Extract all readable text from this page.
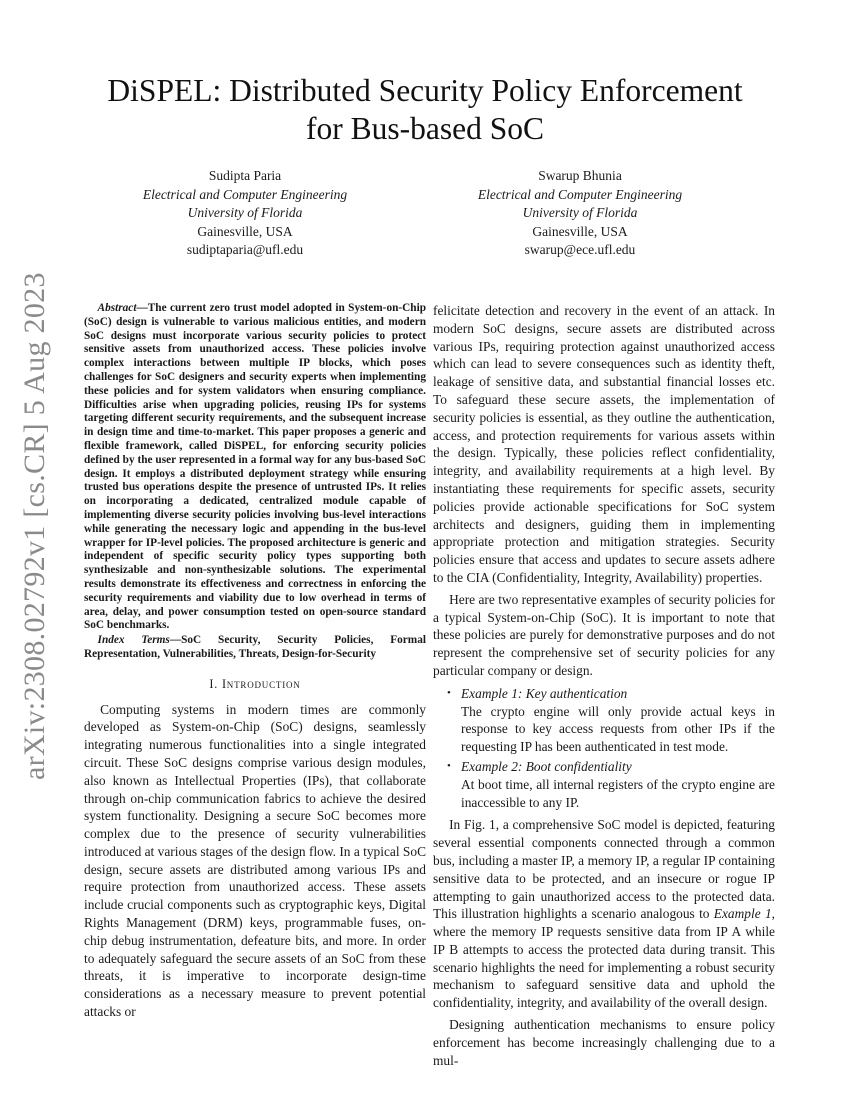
arXiv:2308.02792v1 [cs.CR] 5 Aug 2023
DiSPEL: Distributed Security Policy Enforcement
for Bus-based SoC
Sudipta Paria
Electrical and Computer Engineering
University of Florida
Gainesville, USA
sudiptaparia@ufl.edu
Swarup Bhunia
Electrical and Computer Engineering
University of Florida
Gainesville, USA
swarup@ece.ufl.edu

Abstract—The current zero trust model adopted in System-on-Chip (SoC) design is vulnerable to various malicious entities, and modern SoC designs must incorporate various security policies to protect sensitive assets from unauthorized access. These policies involve complex interactions between multiple IP blocks, which poses challenges for SoC designers and security experts when implementing these policies and for system validators when ensuring compliance. Difficulties arise when upgrading policies, reusing IPs for systems targeting different security requirements, and the subsequent increase in design time and time-to-market. This paper proposes a generic and flexible framework, called DiSPEL, for enforcing security policies defined by the user represented in a formal way for any bus-based SoC design. It employs a distributed deployment strategy while ensuring trusted bus operations despite the presence of untrusted IPs. It relies on incorporating a dedicated, centralized module capable of implementing diverse security policies involving bus-level interactions while generating the necessary logic and appending in the bus-level wrapper for IP-level policies. The proposed architecture is generic and independent of specific security policy types supporting both synthesizable and non-synthesizable solutions. The experimental results demonstrate its effectiveness and correctness in enforcing the security requirements and viability due to low overhead in terms of area, delay, and power consumption tested on open-source standard SoC benchmarks.

Index Terms—SoC Security, Security Policies, Formal Representation, Vulnerabilities, Threats, Design-for-Security

I. Introduction

Computing systems in modern times are commonly developed as System-on-Chip (SoC) designs, seamlessly integrating numerous functionalities into a single integrated circuit. These SoC designs comprise various design modules, also known as Intellectual Properties (IPs), that collaborate through on-chip communication fabrics to achieve the desired system functionality. Designing a secure SoC becomes more complex due to the presence of security vulnerabilities introduced at various stages of the design flow. In a typical SoC design, secure assets are distributed among various IPs and require protection from unauthorized access. These assets include crucial components such as cryptographic keys, Digital Rights Management (DRM) keys, programmable fuses, on-chip debug instrumentation, defeature bits, and more. In order to adequately safeguard the secure assets of an SoC from these threats, it is imperative to incorporate design-time considerations as a necessary measure to prevent potential attacks or

felicitate detection and recovery in the event of an attack. In modern SoC designs, secure assets are distributed across various IPs, requiring protection against unauthorized access which can lead to severe consequences such as identity theft, leakage of sensitive data, and substantial financial losses etc. To safeguard these secure assets, the implementation of security policies is essential, as they outline the authentication, access, and protection requirements for various assets within the design. Typically, these policies reflect confidentiality, integrity, and availability requirements at a high level. By instantiating these requirements for specific assets, security policies provide actionable specifications for SoC system architects and designers, guiding them in implementing appropriate protection and mitigation strategies. Security policies ensure that access and updates to secure assets adhere to the CIA (Confidentiality, Integrity, Availability) properties.

Here are two representative examples of security policies for a typical System-on-Chip (SoC). It is important to note that these policies are purely for demonstrative purposes and do not represent the comprehensive set of security policies for any particular company or design.

• Example 1: Key authentication
The crypto engine will only provide actual keys in response to key access requests from other IPs if the requesting IP has been authenticated in test mode.
• Example 2: Boot confidentiality
At boot time, all internal registers of the crypto engine are inaccessible to any IP.

In Fig. 1, a comprehensive SoC model is depicted, featuring several essential components connected through a common bus, including a master IP, a memory IP, a regular IP containing sensitive data to be protected, and an insecure or rogue IP attempting to gain unauthorized access to the protected data. This illustration highlights a scenario analogous to Example 1, where the memory IP requests sensitive data from IP A while IP B attempts to access the protected data during transit. This scenario highlights the need for implementing a robust security mechanism to safeguard sensitive data and uphold the confidentiality, integrity, and availability of the overall design.

Designing authentication mechanisms to ensure policy enforcement has become increasingly challenging due to a mul-
